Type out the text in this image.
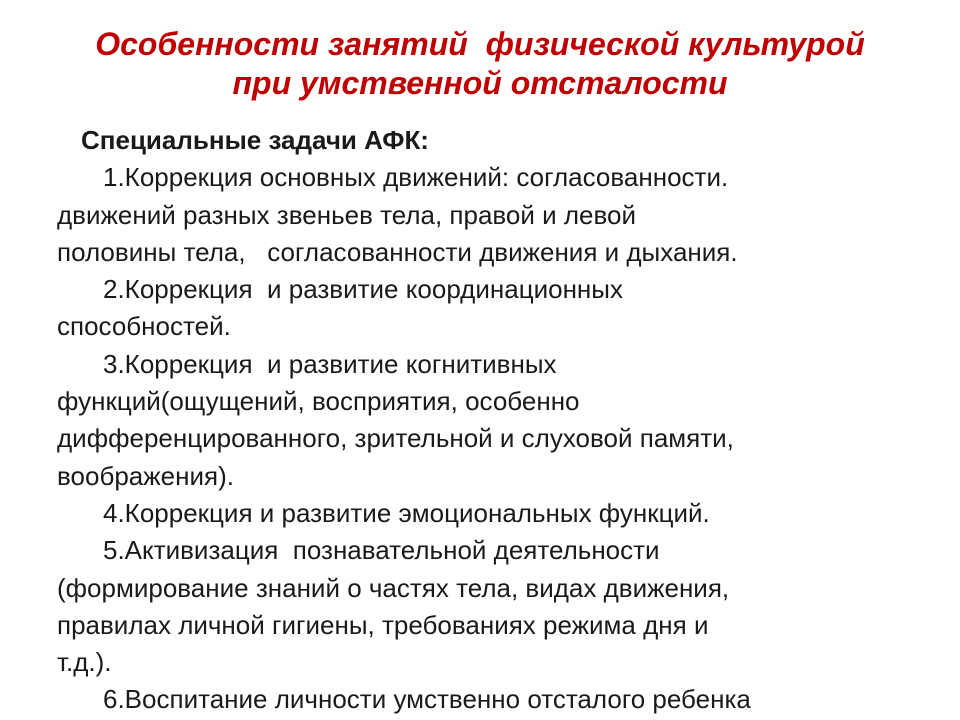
Особенности занятий  физической культурой
при умственной отсталости
Специальные задачи АФК:
1.Коррекция основных движений: согласованности.
движений разных звеньев тела, правой и левой
половины тела,   согласованности движения и дыхания.
2.Коррекция  и развитие координационных
способностей.
3.Коррекция  и развитие когнитивных
функций(ощущений, восприятия, особенно
дифференцированного, зрительной и слуховой памяти,
воображения).
4.Коррекция и развитие эмоциональных функций.
5.Активизация  познавательной деятельности
(формирование знаний о частях тела, видах движения,
правилах личной гигиены, требованиях режима дня и
т.д.).
6.Воспитание личности умственно отсталого ребенка
